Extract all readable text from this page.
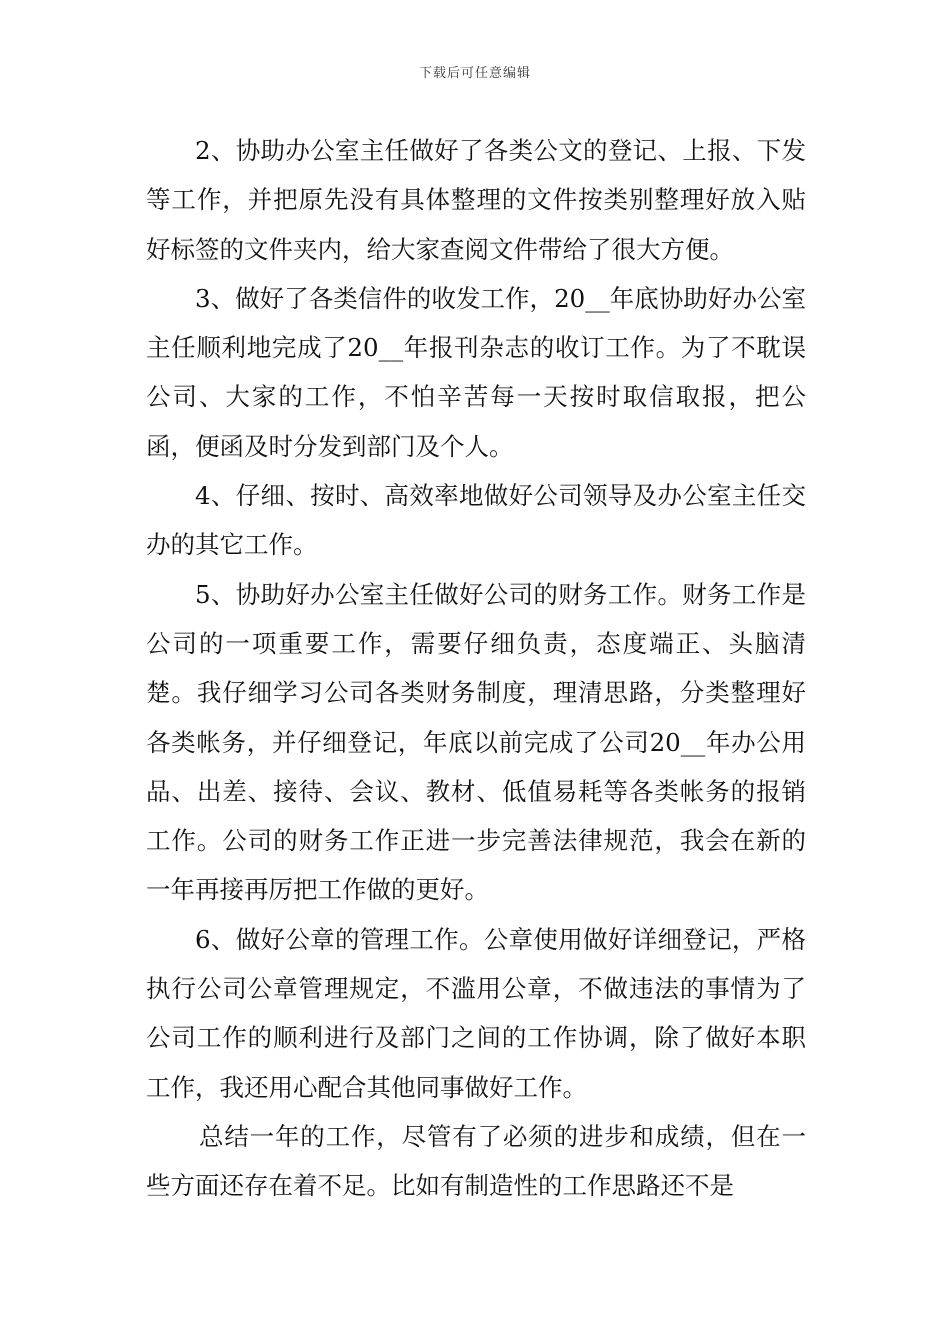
下载后可任意编辑

2、协助办公室主任做好了各类公文的登记、上报、下发等工作，并把原先没有具体整理的文件按类别整理好放入贴好标签的文件夹内，给大家查阅文件带给了很大方便。

3、做好了各类信件的收发工作，20__年底协助好办公室主任顺利地完成了20__年报刊杂志的收订工作。为了不耽误公司、大家的工作，不怕辛苦每一天按时取信取报，把公函，便函及时分发到部门及个人。

4、仔细、按时、高效率地做好公司领导及办公室主任交办的其它工作。

5、协助好办公室主任做好公司的财务工作。财务工作是公司的一项重要工作，需要仔细负责，态度端正、头脑清楚。我仔细学习公司各类财务制度，理清思路，分类整理好各类帐务，并仔细登记，年底以前完成了公司20__年办公用品、出差、接待、会议、教材、低值易耗等各类帐务的报销工作。公司的财务工作正进一步完善法律规范，我会在新的一年再接再厉把工作做的更好。

6、做好公章的管理工作。公章使用做好详细登记，严格执行公司公章管理规定，不滥用公章，不做违法的事情为了公司工作的顺利进行及部门之间的工作协调，除了做好本职工作，我还用心配合其他同事做好工作。

总结一年的工作，尽管有了必须的进步和成绩，但在一些方面还存在着不足。比如有制造性的工作思路还不是
